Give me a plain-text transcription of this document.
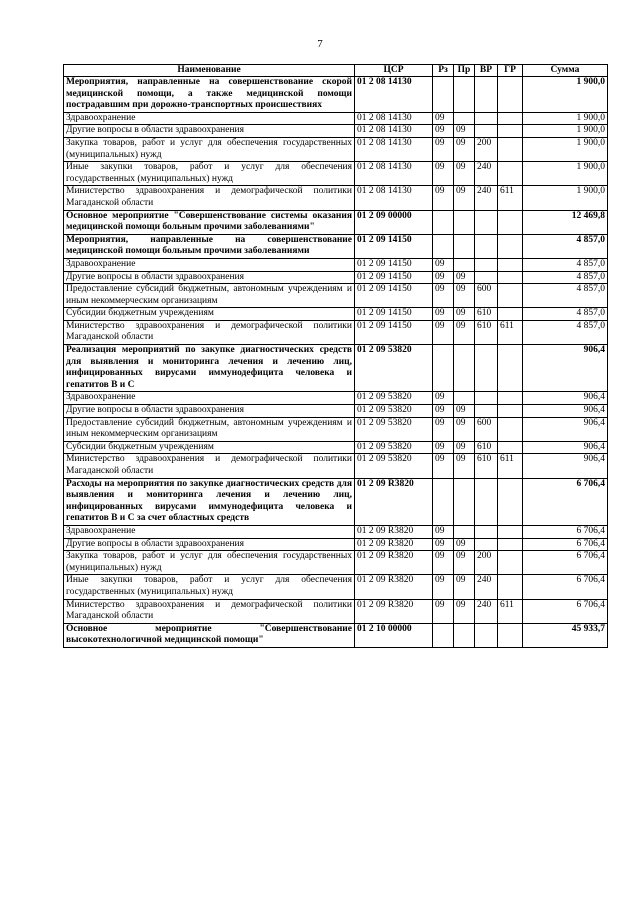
7
Наименование	ЦСР	Рз	Пр	ВР	ГР	Сумма
Мероприятия, направленные на совершенствование скорой медицинской помощи, а также медицинской помощи пострадавшим при дорожно-транспортных происшествиях	01 2 08 14130					1 900,0
Здравоохранение	01 2 08 14130	09				1 900,0
Другие вопросы в области здравоохранения	01 2 08 14130	09	09			1 900,0
Закупка товаров, работ и услуг для обеспечения государственных (муниципальных) нужд	01 2 08 14130	09	09	200		1 900,0
Иные закупки товаров, работ и услуг для обеспечения государственных (муниципальных) нужд	01 2 08 14130	09	09	240		1 900,0
Министерство здравоохранения и демографической политики Магаданской области	01 2 08 14130	09	09	240	611	1 900,0
Основное мероприятие "Совершенствование системы оказания медицинской помощи больным прочими заболеваниями"	01 2 09 00000					12 469,8
Мероприятия, направленные на совершенствование медицинской помощи больным прочими заболеваниями	01 2 09 14150					4 857,0
Здравоохранение	01 2 09 14150	09				4 857,0
Другие вопросы в области здравоохранения	01 2 09 14150	09	09			4 857,0
Предоставление субсидий бюджетным, автономным учреждениям и иным некоммерческим организациям	01 2 09 14150	09	09	600		4 857,0
Субсидии бюджетным учреждениям	01 2 09 14150	09	09	610		4 857,0
Министерство здравоохранения и демографической политики Магаданской области	01 2 09 14150	09	09	610	611	4 857,0
Реализация мероприятий по закупке диагностических средств для выявления и мониторинга лечения и лечению лиц, инфицированных вирусами иммунодефицита человека и гепатитов В и С	01 2 09 53820					906,4
Здравоохранение	01 2 09 53820	09				906,4
Другие вопросы в области здравоохранения	01 2 09 53820	09	09			906,4
Предоставление субсидий бюджетным, автономным учреждениям и иным некоммерческим организациям	01 2 09 53820	09	09	600		906,4
Субсидии бюджетным учреждениям	01 2 09 53820	09	09	610		906,4
Министерство здравоохранения и демографической политики Магаданской области	01 2 09 53820	09	09	610	611	906,4
Расходы на мероприятия по закупке диагностических средств для выявления и мониторинга лечения и лечению лиц, инфицированных вирусами иммунодефицита человека и гепатитов В и С за счет областных средств	01 2 09 R3820					6 706,4
Здравоохранение	01 2 09 R3820	09				6 706,4
Другие вопросы в области здравоохранения	01 2 09 R3820	09	09			6 706,4
Закупка товаров, работ и услуг для обеспечения государственных (муниципальных) нужд	01 2 09 R3820	09	09	200		6 706,4
Иные закупки товаров, работ и услуг для обеспечения государственных (муниципальных) нужд	01 2 09 R3820	09	09	240		6 706,4
Министерство здравоохранения и демографической политики Магаданской области	01 2 09 R3820	09	09	240	611	6 706,4
Основное мероприятие "Совершенствование высокотехнологичной медицинской помощи"	01 2 10 00000					45 933,7
